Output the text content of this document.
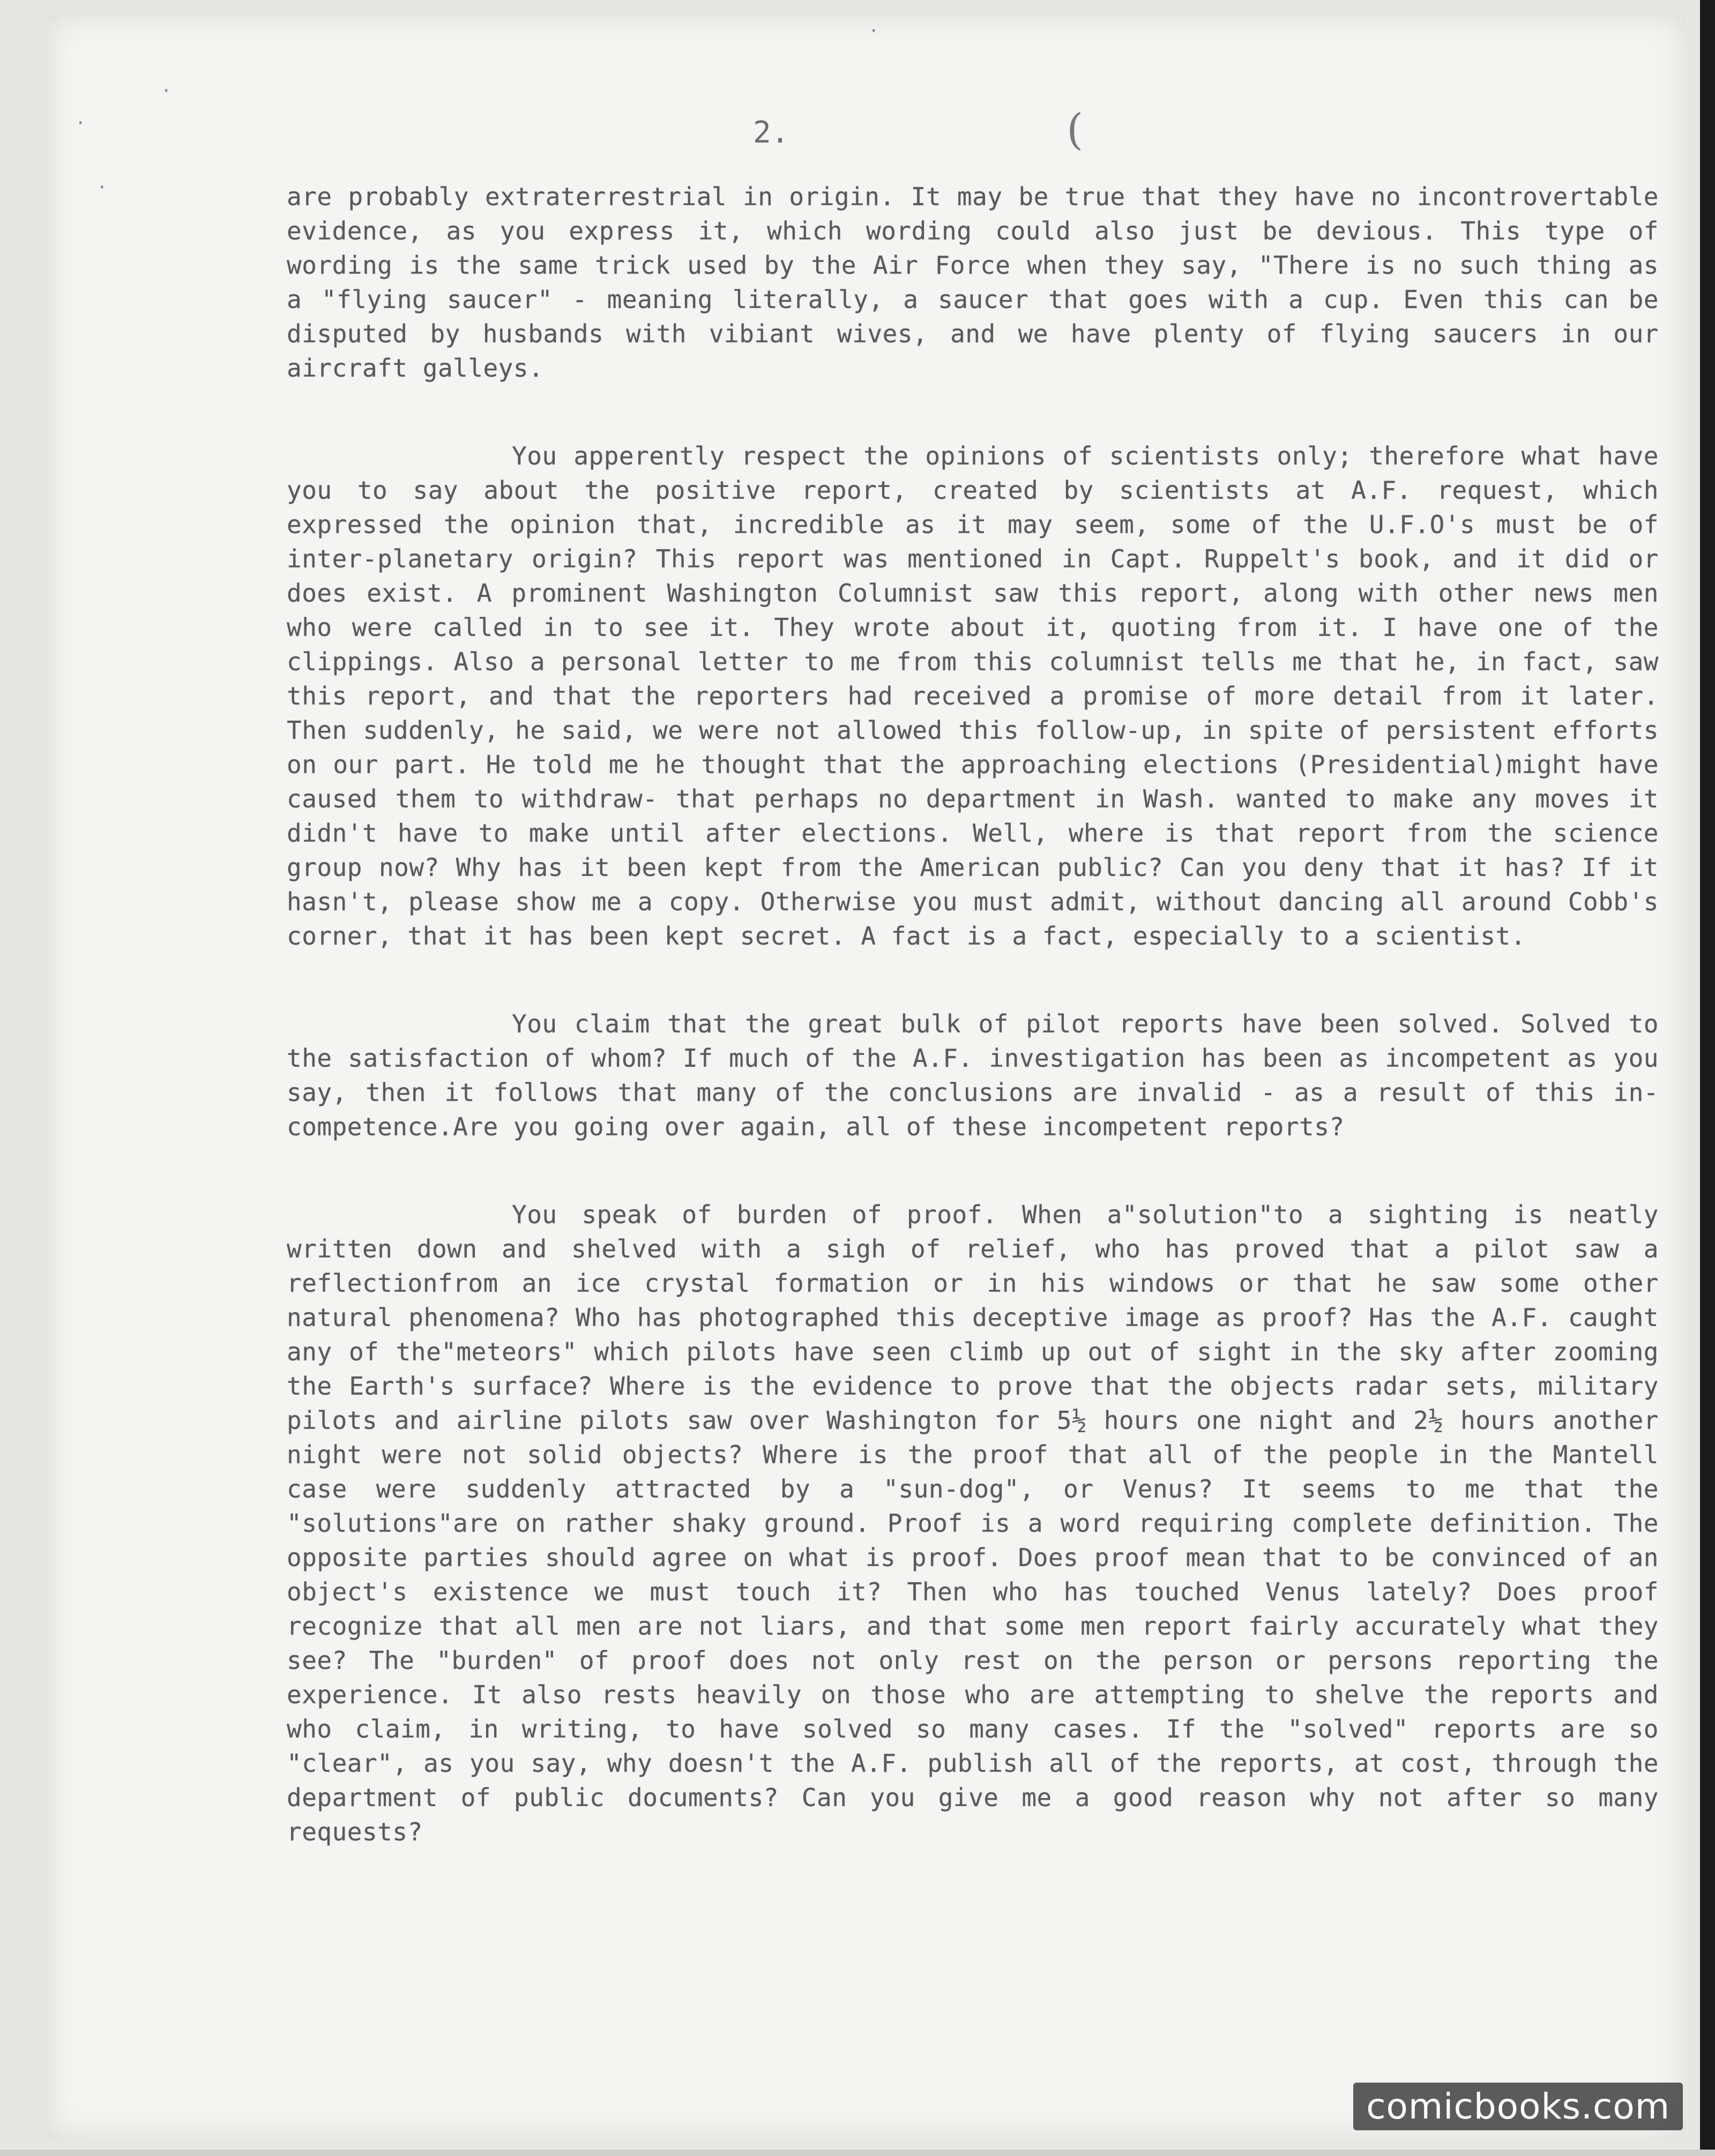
·
·
·
·
2.	(

are probably extraterrestrial in origin. It may be true that they have no incontrovertable evidence, as you express it, which wording could also just be devious. This type of wording is the same trick used by the Air Force when they say, "There is no such thing as a "flying saucer" - meaning literally, a saucer that goes with a cup. Even this can be disputed by husbands with vibiant wives, and we have plenty of flying saucers in our aircraft galleys.

You apperently respect the opinions of scientists only; therefore what have you to say about the positive report, created by scientists at A.F. request, which expressed the opinion that, incredible as it may seem, some of the U.F.O's must be of inter-planetary origin? This report was mentioned in Capt. Ruppelt's book, and it did or does exist. A prominent Washington Columnist saw this report, along with other news men who were called in to see it. They wrote about it, quoting from it. I have one of the clippings. Also a personal letter to me from this columnist tells me that he, in fact, saw this report, and that the reporters had received a promise of more detail from it later. Then suddenly, he said, we were not allowed this follow-up, in spite of persistent efforts on our part. He told me he thought that the approaching elections (Presidential)might have caused them to withdraw- that perhaps no department in Wash. wanted to make any moves it didn't have to make until after elections. Well, where is that report from the science group now? Why has it been kept from the American public? Can you deny that it has? If it hasn't, please show me a copy. Otherwise you must admit, without dancing all around Cobb's corner, that it has been kept secret. A fact is a fact, especially to a scientist.

You claim that the great bulk of pilot reports have been solved. Solved to the satisfaction of whom? If much of the A.F. investigation has been as incompetent as you say, then it follows that many of the conclusions are invalid - as a result of this in-competence.Are you going over again, all of these incompetent reports?

You speak of burden of proof. When a"solution"to a sighting is neatly written down and shelved with a sigh of relief, who has proved that a pilot saw a reflectionfrom an ice crystal formation or in his windows or that he saw some other natural phenomena? Who has photographed this deceptive image as proof? Has the A.F. caught any of the"meteors" which pilots have seen climb up out of sight in the sky after zooming the Earth's surface? Where is the evidence to prove that the objects radar sets, military pilots and airline pilots saw over Washington for 5½ hours one night and 2½ hours another night were not solid objects? Where is the proof that all of the people in the Mantell case were suddenly attracted by a "sun-dog", or Venus? It seems to me that the "solutions"are on rather shaky ground. Proof is a word requiring complete definition. The opposite parties should agree on what is proof. Does proof mean that to be convinced of an object's existence we must touch it? Then who has touched Venus lately? Does proof recognize that all men are not liars, and that some men report fairly accurately what they see? The "burden" of proof does not only rest on the person or persons reporting the experience. It also rests heavily on those who are attempting to shelve the reports and who claim, in writing, to have solved so many cases. If the "solved" reports are so "clear", as you say, why doesn't the A.F. publish all of the reports, at cost, through the department of public documents? Can you give me a good reason why not after so many requests?

comicbooks.com
